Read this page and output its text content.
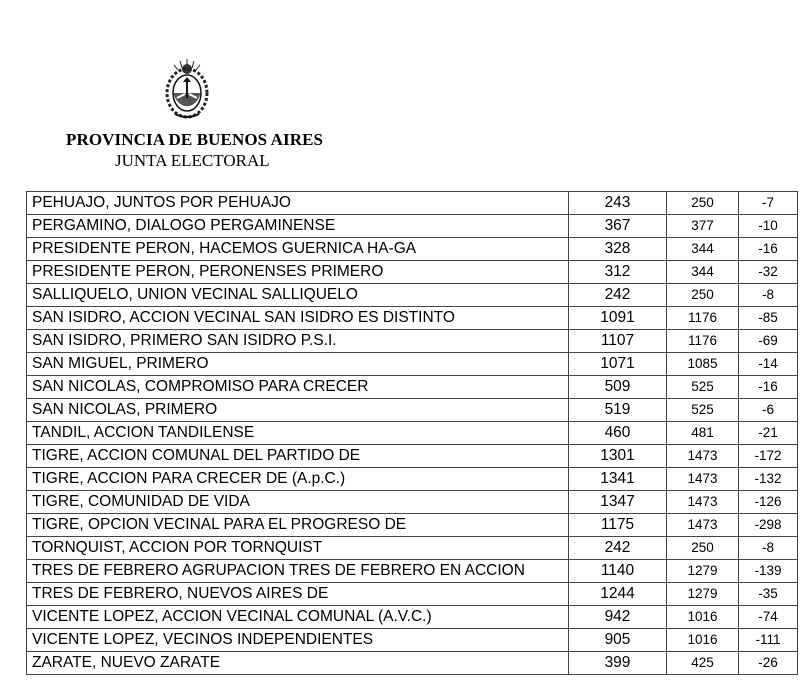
PROVINCIA DE BUENOS AIRES
JUNTA ELECTORAL
PEHUAJO, JUNTOS POR PEHUAJO	243	250	-7
PERGAMINO, DIALOGO PERGAMINENSE	367	377	-10
PRESIDENTE PERON, HACEMOS GUERNICA HA-GA	328	344	-16
PRESIDENTE PERON, PERONENSES PRIMERO	312	344	-32
SALLIQUELO, UNION VECINAL SALLIQUELO	242	250	-8
SAN ISIDRO, ACCION VECINAL SAN ISIDRO ES DISTINTO	1091	1176	-85
SAN ISIDRO, PRIMERO SAN ISIDRO P.S.I.	1107	1176	-69
SAN MIGUEL, PRIMERO	1071	1085	-14
SAN NICOLAS, COMPROMISO PARA CRECER	509	525	-16
SAN NICOLAS, PRIMERO	519	525	-6
TANDIL, ACCION TANDILENSE	460	481	-21
TIGRE, ACCION COMUNAL DEL PARTIDO DE	1301	1473	-172
TIGRE, ACCION PARA CRECER DE (A.p.C.)	1341	1473	-132
TIGRE, COMUNIDAD DE VIDA	1347	1473	-126
TIGRE, OPCION VECINAL PARA EL PROGRESO DE	1175	1473	-298
TORNQUIST, ACCION POR TORNQUIST	242	250	-8
TRES DE FEBRERO AGRUPACION TRES DE FEBRERO EN ACCION	1140	1279	-139
TRES DE FEBRERO, NUEVOS AIRES DE	1244	1279	-35
VICENTE LOPEZ, ACCION VECINAL COMUNAL (A.V.C.)	942	1016	-74
VICENTE LOPEZ, VECINOS INDEPENDIENTES	905	1016	-111
ZARATE, NUEVO ZARATE	399	425	-26
